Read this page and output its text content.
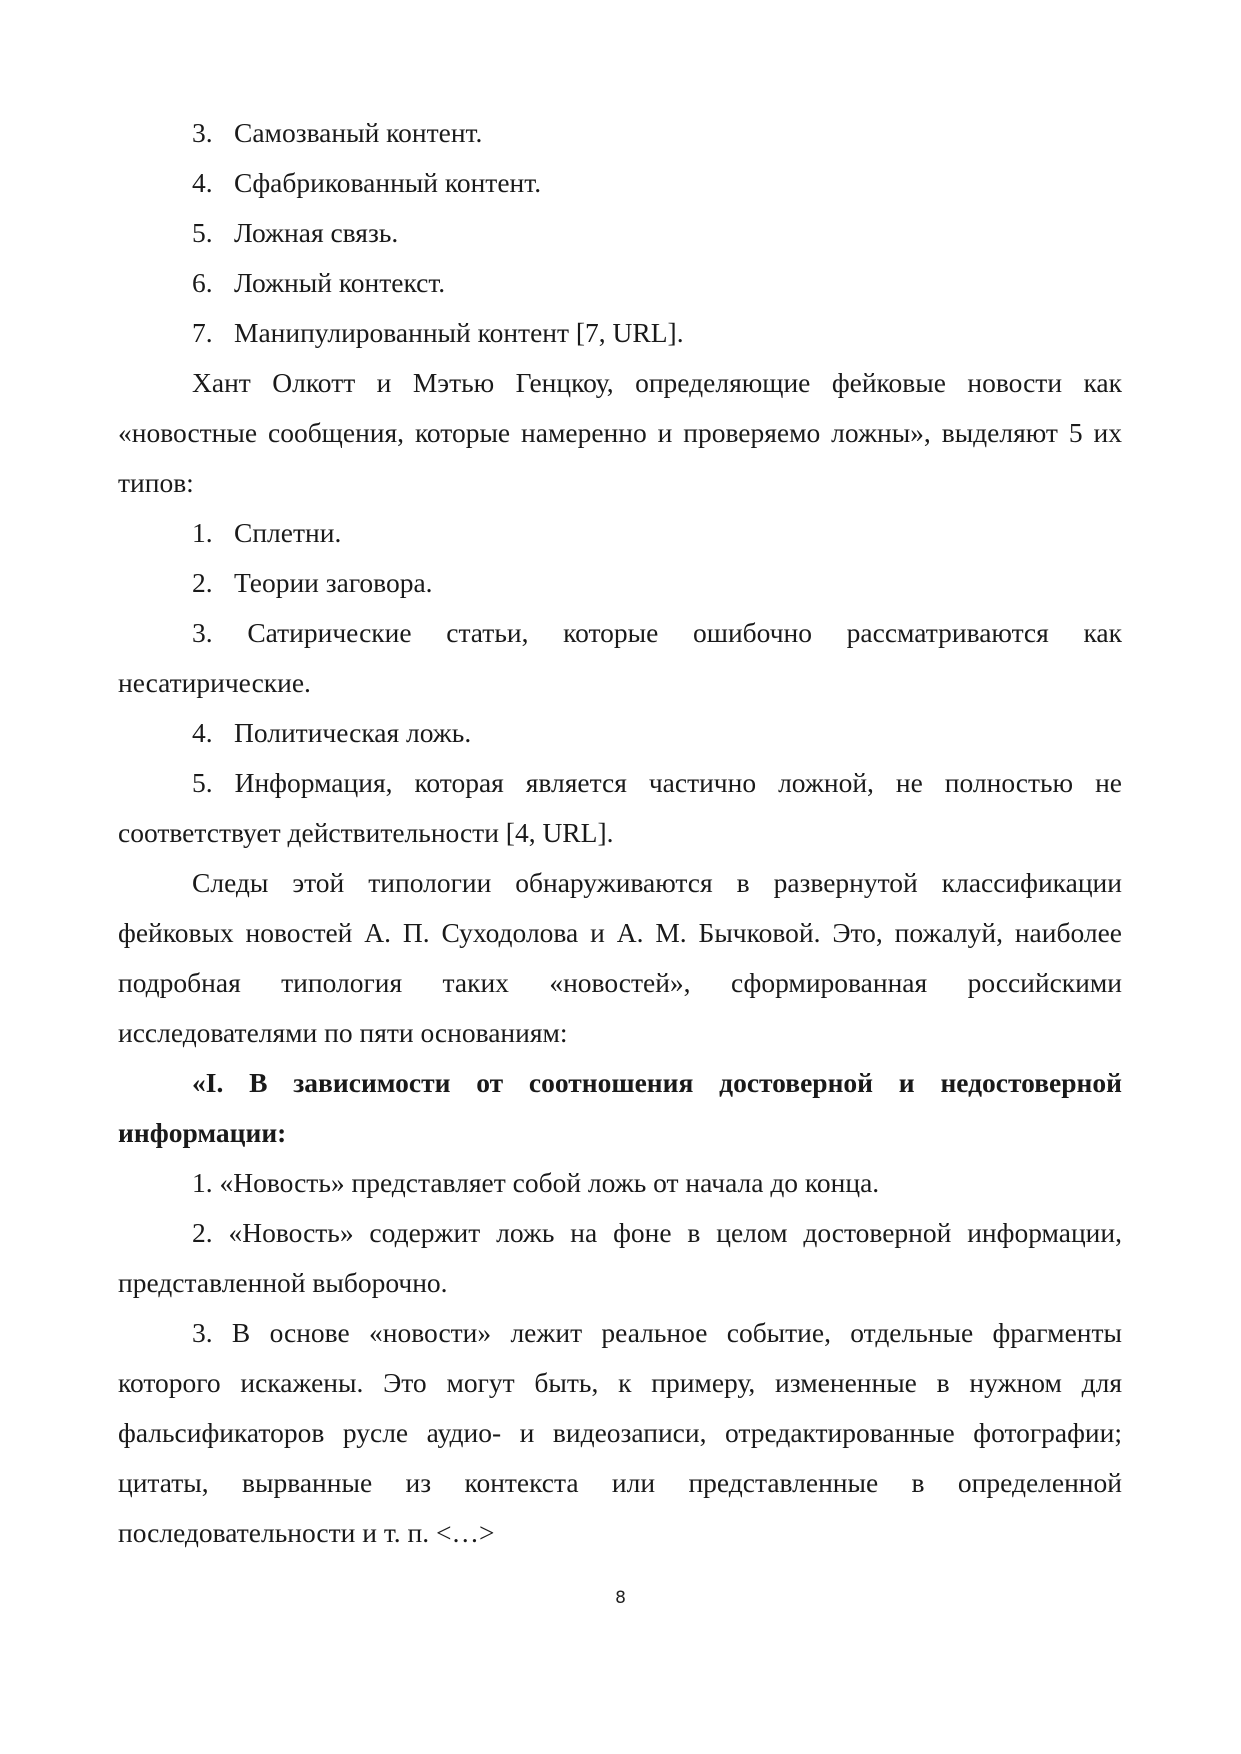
3. Самозваный контент.
4. Сфабрикованный контент.
5. Ложная связь.
6. Ложный контекст.
7. Манипулированный контент [7, URL].
Хант Олкотт и Мэтью Генцкоу, определяющие фейковые новости как «новостные сообщения, которые намеренно и проверяемо ложны», выделяют 5 их типов:
1. Сплетни.
2. Теории заговора.
3. Сатирические статьи, которые ошибочно рассматриваются как несатирические.
4. Политическая ложь.
5. Информация, которая является частично ложной, не полностью не соответствует действительности [4, URL].
Следы этой типологии обнаруживаются в развернутой классификации фейковых новостей А. П. Суходолова и А. М. Бычковой. Это, пожалуй, наиболее подробная типология таких «новостей», сформированная российскими исследователями по пяти основаниям:
«I. В зависимости от соотношения достоверной и недостоверной информации:
1. «Новость» представляет собой ложь от начала до конца.
2. «Новость» содержит ложь на фоне в целом достоверной информации, представленной выборочно.
3. В основе «новости» лежит реальное событие, отдельные фрагменты которого искажены. Это могут быть, к примеру, измененные в нужном для фальсификаторов русле аудио- и видеозаписи, отредактированные фотографии; цитаты, вырванные из контекста или представленные в определенной последовательности и т. п. <…>
8
